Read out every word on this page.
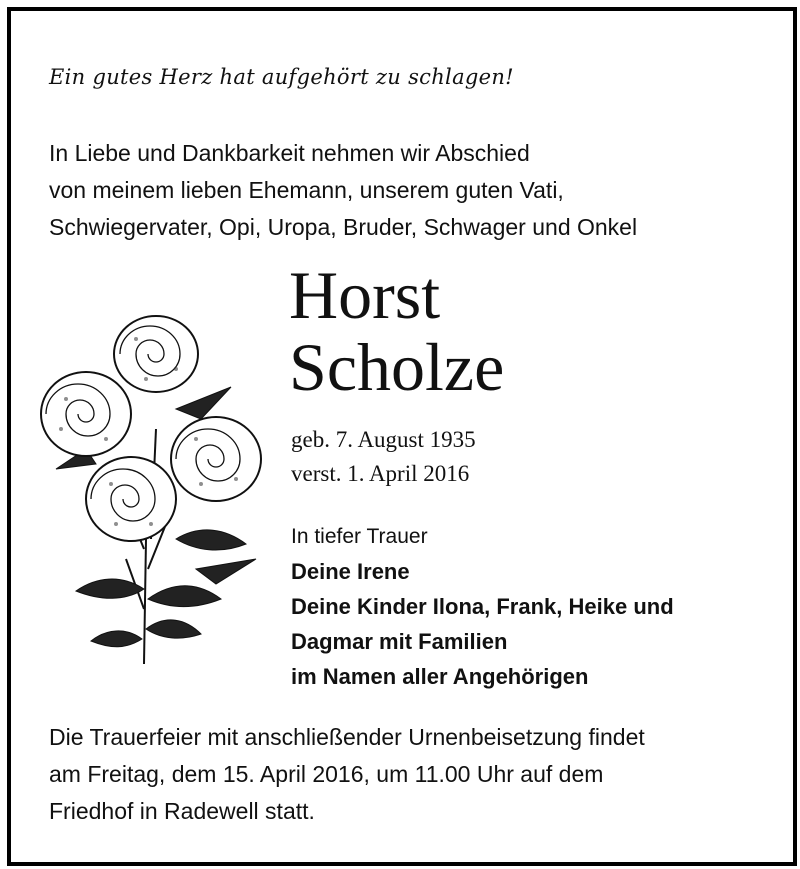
Ein gutes Herz hat aufgehört zu schlagen!
In Liebe und Dankbarkeit nehmen wir Abschied
von meinem lieben Ehemann, unserem guten Vati,
Schwiegervater, Opi, Uropa, Bruder, Schwager und Onkel
Horst
Scholze
geb. 7. August 1935
verst. 1. April 2016
In tiefer Trauer
Deine Irene
Deine Kinder Ilona, Frank, Heike und
Dagmar mit Familien
im Namen aller Angehörigen
Die Trauerfeier mit anschließender Urnenbeisetzung findet
am Freitag, dem 15. April 2016, um 11.00 Uhr auf dem
Friedhof in Radewell statt.
